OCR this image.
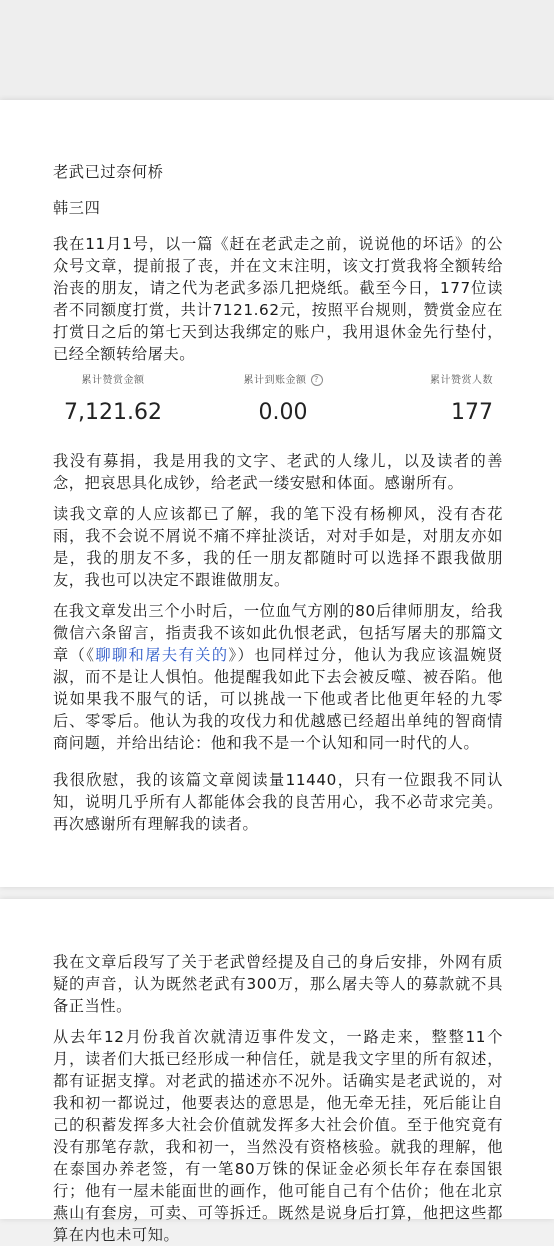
老武已过奈何桥

韩三四

我在11月1号，以一篇《赶在老武走之前，说说他的坏话》的公众号文章，提前报了丧，并在文末注明，该文打赏我将全额转给治丧的朋友，请之代为老武多添几把烧纸。截至今日，177位读者不同额度打赏，共计7121.62元，按照平台规则，赞赏金应在打赏日之后的第七天到达我绑定的账户，我用退休金先行垫付，已经全额转给屠夫。

累计赞赏金额
7,121.62
累计到账金额 ?
0.00
累计赞赏人数
177

我没有募捐，我是用我的文字、老武的人缘儿，以及读者的善念，把哀思具化成钞，给老武一缕安慰和体面。感谢所有。

读我文章的人应该都已了解，我的笔下没有杨柳风，没有杏花雨，我不会说不屑说不痛不痒扯淡话，对对手如是，对朋友亦如是，我的朋友不多，我的任一朋友都随时可以选择不跟我做朋友，我也可以决定不跟谁做朋友。

在我文章发出三个小时后，一位血气方刚的80后律师朋友，给我微信六条留言，指责我不该如此仇恨老武，包括写屠夫的那篇文章（《聊聊和屠夫有关的》）也同样过分，他认为我应该温婉贤淑，而不是让人惧怕。他提醒我如此下去会被反噬、被吞陷。他说如果我不服气的话，可以挑战一下他或者比他更年轻的九零后、零零后。他认为我的攻伐力和优越感已经超出单纯的智商情商问题，并给出结论：他和我不是一个认知和同一时代的人。

我很欣慰，我的该篇文章阅读量11440，只有一位跟我不同认知，说明几乎所有人都能体会我的良苦用心，我不必苛求完美。再次感谢所有理解我的读者。

我在文章后段写了关于老武曾经提及自己的身后安排，外网有质疑的声音，认为既然老武有300万，那么屠夫等人的募款就不具备正当性。

从去年12月份我首次就清迈事件发文，一路走来，整整11个月，读者们大抵已经形成一种信任，就是我文字里的所有叙述，都有证据支撑。对老武的描述亦不况外。话确实是老武说的，对我和初一都说过，他要表达的意思是，他无牵无挂，死后能让自己的积蓄发挥多大社会价值就发挥多大社会价值。至于他究竟有没有那笔存款，我和初一，当然没有资格核验。就我的理解，他在泰国办养老签，有一笔80万铢的保证金必须长年存在泰国银行；他有一屋未能面世的画作，他可能自己有个估价；他在北京燕山有套房，可卖、可等拆迁。既然是说身后打算，他把这些都算在内也未可知。
